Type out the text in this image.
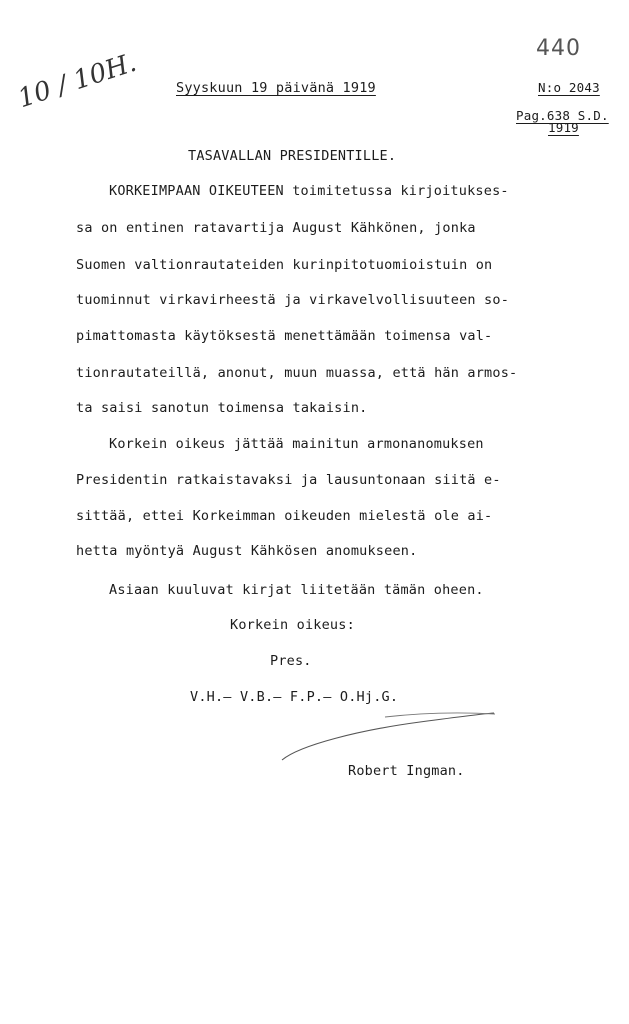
440
10 / 10H.	Syyskuun 19 päivänä 1919	N:o 2043
Pag.638 S.D.
1919
TASAVALLAN PRESIDENTILLE.
KORKEIMPAAN OIKEUTEEN toimitetussa kirjoitukses-
sa on entinen ratavartija August Kähkönen, jonka
Suomen valtionrautateiden kurinpitotuomioistuin on
tuominnut virkavirheestä ja virkavelvollisuuteen so-
pimattomasta käytöksestä menettämään toimensa val-
tionrautateillä, anonut, muun muassa, että hän armos-
ta saisi sanotun toimensa takaisin.
Korkein oikeus jättää mainitun armonanomuksen
Presidentin ratkaistavaksi ja lausuntonaan siitä e-
sittää, ettei Korkeimman oikeuden mielestä ole ai-
hetta myöntyä August Kähkösen anomukseen.
Asiaan kuuluvat kirjat liitetään tämän oheen.
Korkein oikeus:
Pres.
V.H.— V.B.— F.P.— O.Hj.G.
Robert Ingman.
